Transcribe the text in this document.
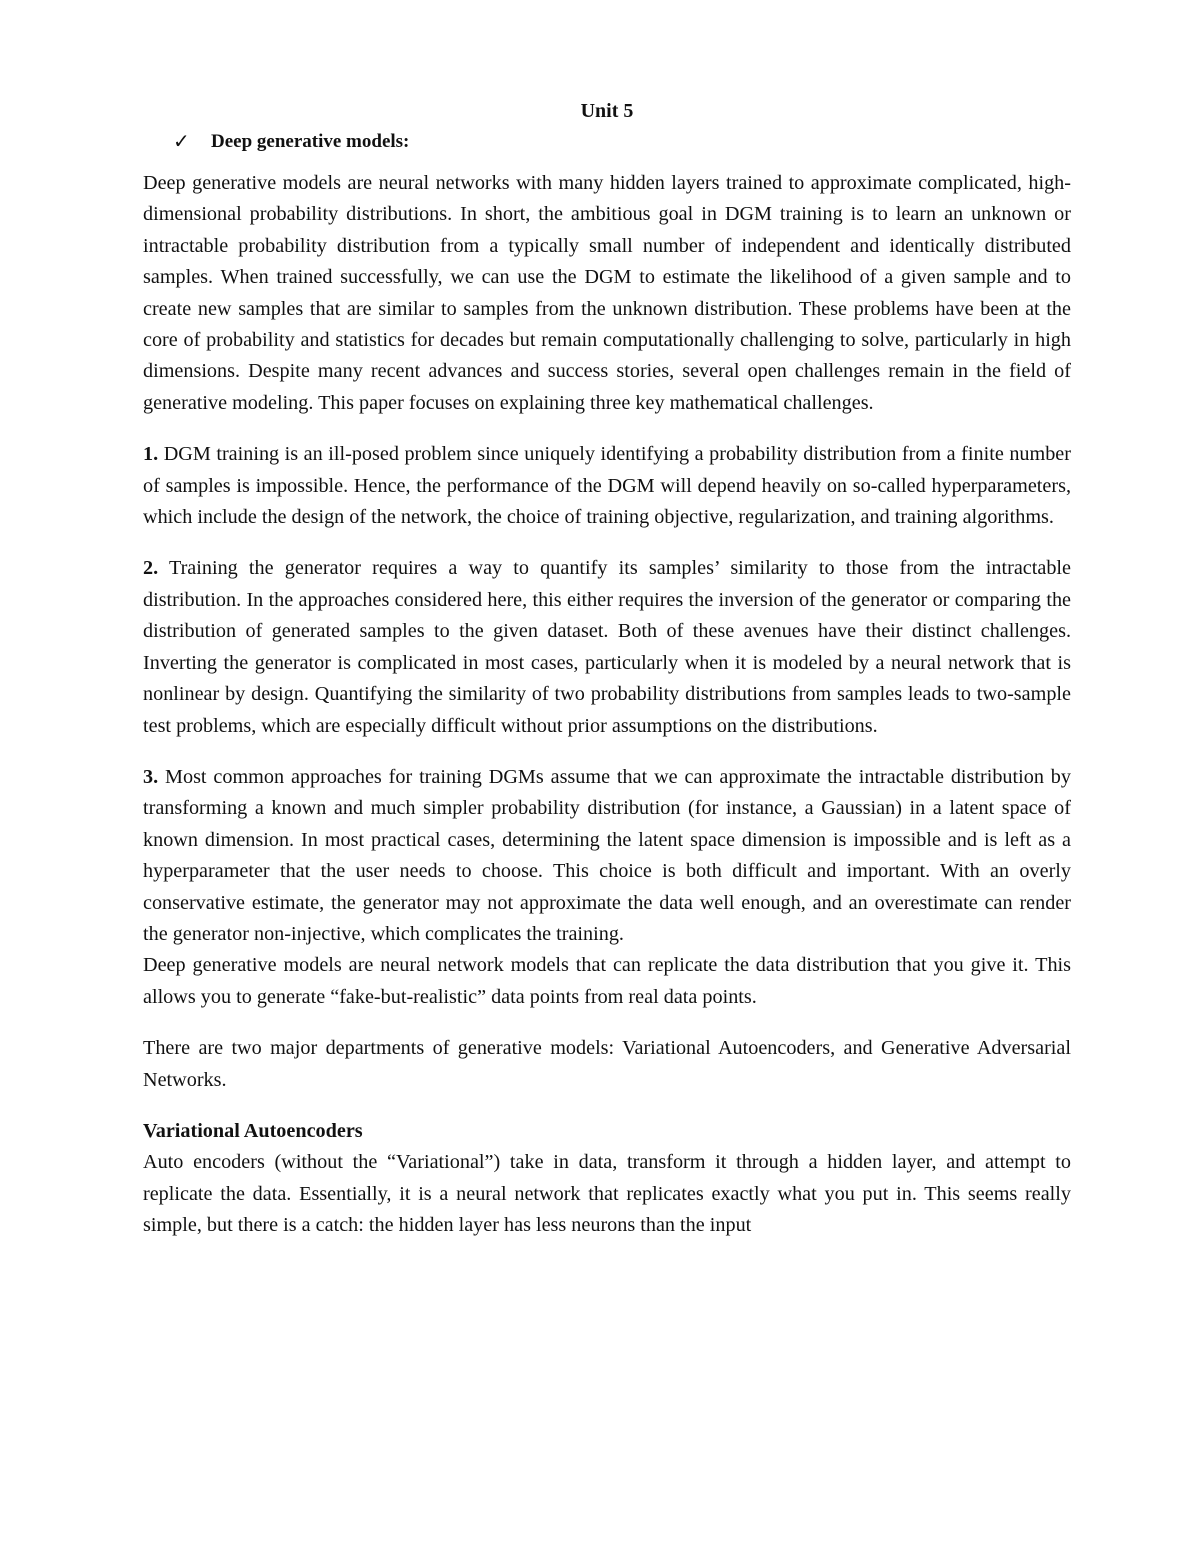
Unit 5
✓	Deep generative models:

Deep generative models are neural networks with many hidden layers trained to approximate complicated, high-dimensional probability distributions. In short, the ambitious goal in DGM training is to learn an unknown or intractable probability distribution from a typically small number of independent and identically distributed samples. When trained successfully, we can use the DGM to estimate the likelihood of a given sample and to create new samples that are similar to samples from the unknown distribution. These problems have been at the core of probability and statistics for decades but remain computationally challenging to solve, particularly in high dimensions. Despite many recent advances and success stories, several open challenges remain in the field of generative modeling. This paper focuses on explaining three key mathematical challenges.

1. DGM training is an ill-posed problem since uniquely identifying a probability distribution from a finite number of samples is impossible. Hence, the performance of the DGM will depend heavily on so-called hyperparameters, which include the design of the network, the choice of training objective, regularization, and training algorithms.

2. Training the generator requires a way to quantify its samples’ similarity to those from the intractable distribution. In the approaches considered here, this either requires the inversion of the generator or comparing the distribution of generated samples to the given dataset. Both of these avenues have their distinct challenges. Inverting the generator is complicated in most cases, particularly when it is modeled by a neural network that is nonlinear by design. Quantifying the similarity of two probability distributions from samples leads to two-sample test problems, which are especially difficult without prior assumptions on the distributions.

3. Most common approaches for training DGMs assume that we can approximate the intractable distribution by transforming a known and much simpler probability distribution (for instance, a Gaussian) in a latent space of known dimension. In most practical cases, determining the latent space dimension is impossible and is left as a hyperparameter that the user needs to choose. This choice is both difficult and important. With an overly conservative estimate, the generator may not approximate the data well enough, and an overestimate can render the generator non-injective, which complicates the training.

Deep generative models are neural network models that can replicate the data distribution that you give it. This allows you to generate “fake-but-realistic” data points from real data points.

There are two major departments of generative models: Variational Autoencoders, and Generative Adversarial Networks.

Variational Autoencoders

Auto encoders (without the “Variational”) take in data, transform it through a hidden layer, and attempt to replicate the data. Essentially, it is a neural network that replicates exactly what you put in. This seems really simple, but there is a catch: the hidden layer has less neurons than the input
